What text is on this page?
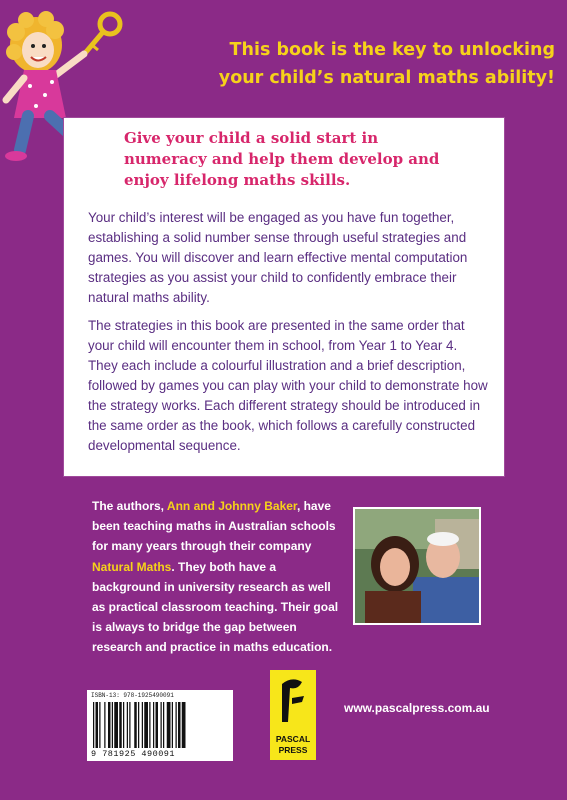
This book is the key to unlocking
your child’s natural maths ability!
Give your child a solid start in
numeracy and help them develop and
enjoy lifelong maths skills.

Your child’s interest will be engaged as you have fun together, establishing a solid number sense through useful strategies and games. You will discover and learn effective mental computation strategies as you assist your child to confidently embrace their natural maths ability.

The strategies in this book are presented in the same order that your child will encounter them in school, from Year 1 to Year 4. They each include a colourful illustration and a brief description, followed by games you can play with your child to demonstrate how the strategy works. Each different strategy should be introduced in the same order as the book, which follows a carefully constructed developmental sequence.

The authors, Ann and Johnny Baker, have been teaching maths in Australian schools for many years through their company Natural Maths. They both have a background in university research as well as practical classroom teaching. Their goal is always to bridge the gap between research and practice in maths education.
ISBN-13: 978-1925490091
9 781925 490091
PASCAL
PRESS
www.pascalpress.com.au
